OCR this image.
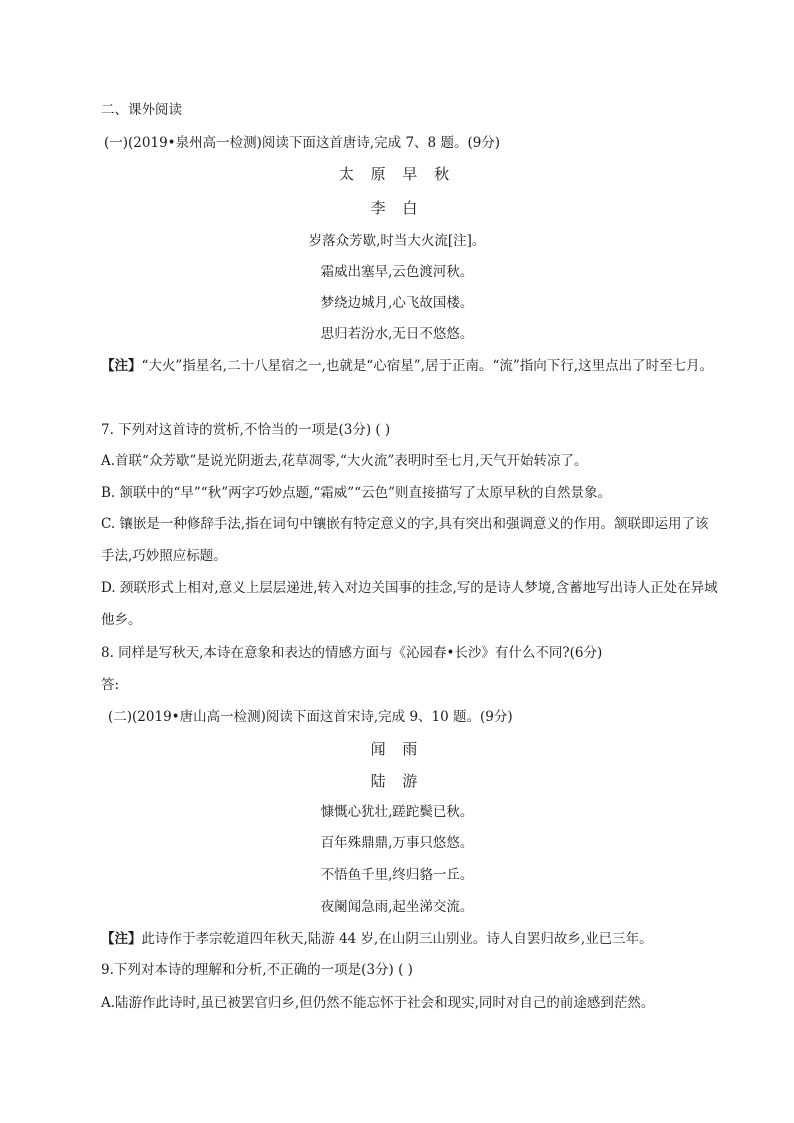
二、课外阅读
(一)(2019•泉州高一检测)阅读下面这首唐诗,完成 7、8 题。(9分)
太 原 早 秋
李 白
岁落众芳歇,时当大火流[注]。
霜威出塞早,云色渡河秋。
梦绕边城月,心飞故国楼。
思归若汾水,无日不悠悠。
【注】“大火”指星名,二十八星宿之一,也就是“心宿星”,居于正南。“流”指向下行,这里点出了时至七月。
7. 下列对这首诗的赏析,不恰当的一项是(3分) ( )
A.首联“众芳歇”是说光阴逝去,花草凋零,“大火流”表明时至七月,天气开始转凉了。
B. 颔联中的“早”“秋”两字巧妙点题,“霜威”“云色”则直接描写了太原早秋的自然景象。
C. 镶嵌是一种修辞手法,指在词句中镶嵌有特定意义的字,具有突出和强调意义的作用。颔联即运用了该手法,巧妙照应标题。
D. 颈联形式上相对,意义上层层递进,转入对边关国事的挂念,写的是诗人梦境,含蓄地写出诗人正处在异域他乡。
8. 同样是写秋天,本诗在意象和表达的情感方面与《沁园春•长沙》有什么不同?(6分)
答:
(二)(2019•唐山高一检测)阅读下面这首宋诗,完成 9、10 题。(9分)
闻 雨
陆 游
慷慨心犹壮,蹉跎鬓已秋。
百年殊鼎鼎,万事只悠悠。
不悟鱼千里,终归貉一丘。
夜阑闻急雨,起坐涕交流。
【注】此诗作于孝宗乾道四年秋天,陆游 44 岁,在山阴三山别业。诗人自罢归故乡,业已三年。
9.下列对本诗的理解和分析,不正确的一项是(3分) ( )
A.陆游作此诗时,虽已被罢官归乡,但仍然不能忘怀于社会和现实,同时对自己的前途感到茫然。
